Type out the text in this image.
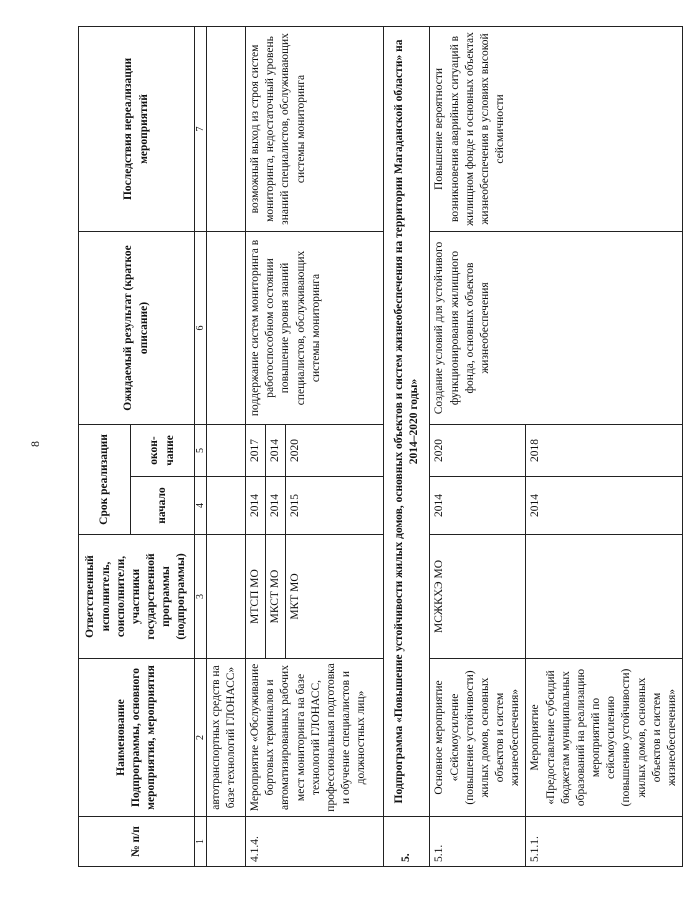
8
№ п/п	Наименование Подпрограммы, основного мероприятия, мероприятия	Ответственный исполнитель, соисполнители, участники государственной программы (подпрограммы)	Срок реализации		Ожидаемый результат (краткое описание)	Последствия нереализации мероприятий
			начало	окон-чание		
1	2	3	4	5	6	7
	автотранспортных средств на базе технологий ГЛОНАСС»					
4.1.4.	Мероприятие «Обслуживание бортовых терминалов и автоматизированных рабочих мест мониторинга на базе технологий ГЛОНАСС, профессиональная подготовка и обучение специалистов и должностных лиц»	МТСП МО	2014	2017	поддержание систем мониторинга в работоспособном состоянии повышение уровня знаний специалистов, обслуживающих системы мониторинга	возможный выход из строя систем мониторинга, недостаточный уровень знаний специалистов, обслуживающих системы мониторинга
		МКСТ МО	2014	2014		
		МКТ МО	2015	2020		
5.	Подпрограмма «Повышение устойчивости жилых домов, основных объектов и систем жизнеобеспечения на территории Магаданской области» на 2014–2020 годы»					
5.1.	Основное мероприятие «Сейсмоусиление (повышение устойчивости) жилых домов, основных объектов и систем жизнеобеспечения»	МСЖКХЭ МО	2014	2020	Создание условий для устойчивого функционирования жилищного фонда, основных объектов жизнеобеспечения	Повышение вероятности возникновения аварийных ситуаций в жилищном фонде и основных объектах жизнеобеспечения в условиях высокой сейсмичности
5.1.1.	Мероприятие «Предоставление субсидий бюджетам муниципальных образований на реализацию мероприятий по сейсмоусилению (повышению устойчивости) жилых домов, основных объектов и систем жизнеобеспечения»		2014	2018		
